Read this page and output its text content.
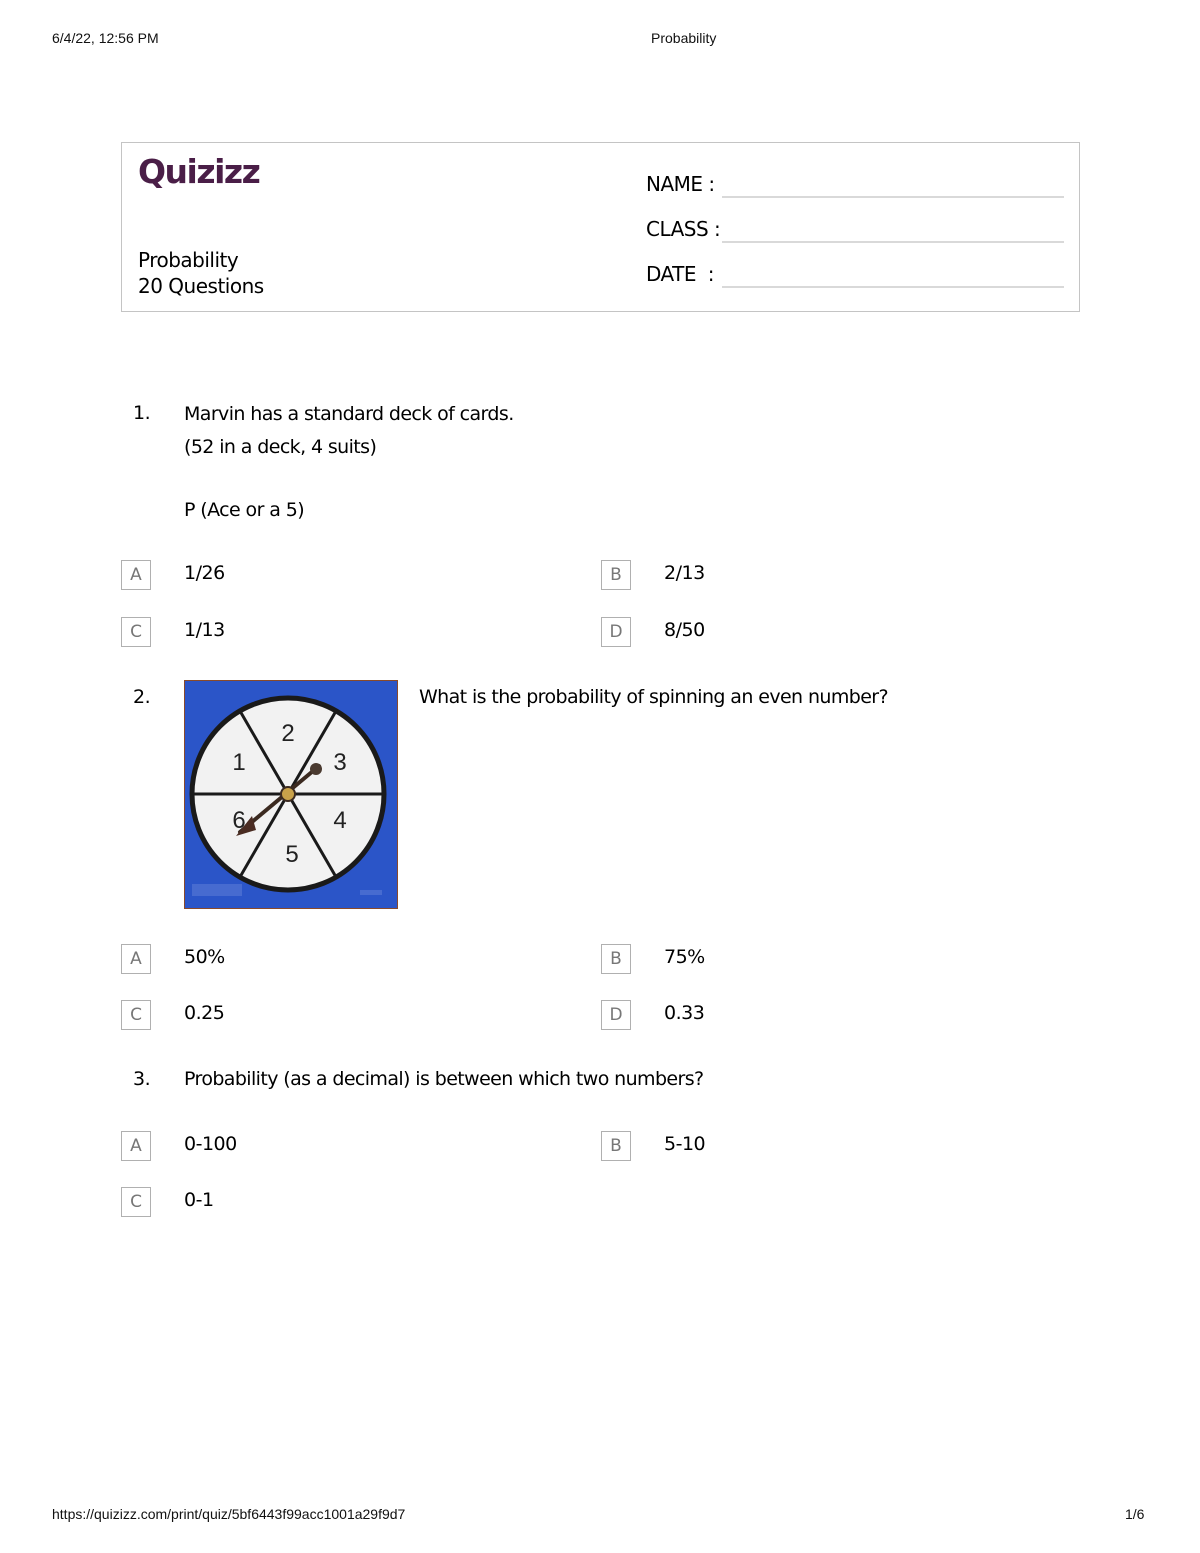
6/4/22, 12:56 PM	Probability
Quizizz
Probability
20 Questions
NAME :
CLASS :
DATE  :
1. Marvin has a standard deck of cards.
(52 in a deck, 4 suits)
P (Ace or a 5)
A	1/26	B	2/13
C	1/13	D	8/50
2.
1
2
3
4
5
6
What is the probability of spinning an even number?
A	50%	B	75%
C	0.25	D	0.33
3. Probability (as a decimal) is between which two numbers?
A	0-100	B	5-10
C	0-1
https://quizizz.com/print/quiz/5bf6443f99acc1001a29f9d7	1/6
